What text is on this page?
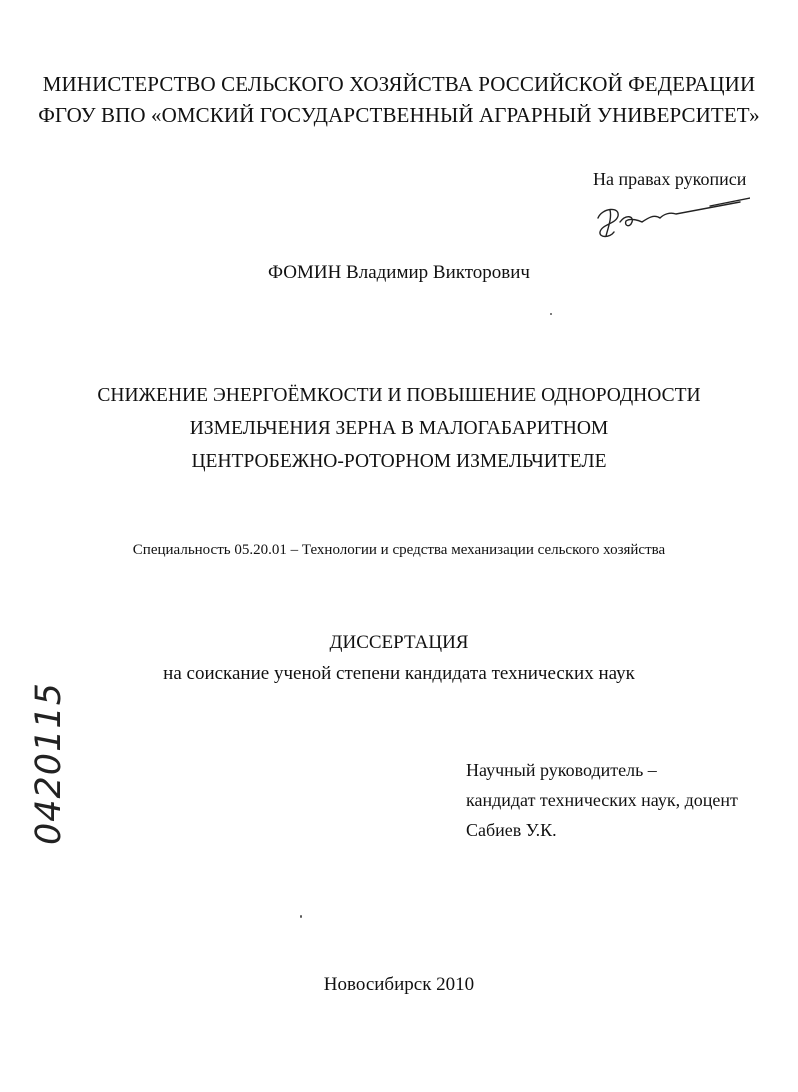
МИНИСТЕРСТВО СЕЛЬСКОГО ХОЗЯЙСТВА РОССИЙСКОЙ ФЕДЕРАЦИИ
ФГОУ ВПО «ОМСКИЙ ГОСУДАРСТВЕННЫЙ АГРАРНЫЙ УНИВЕРСИТЕТ»
На правах рукописи
ФОМИН Владимир Викторович
СНИЖЕНИЕ ЭНЕРГОЁМКОСТИ И ПОВЫШЕНИЕ ОДНОРОДНОСТИ
ИЗМЕЛЬЧЕНИЯ ЗЕРНА В МАЛОГАБАРИТНОМ
ЦЕНТРОБЕЖНО-РОТОРНОМ ИЗМЕЛЬЧИТЕЛЕ
Специальность 05.20.01 – Технологии и средства механизации сельского хозяйства
ДИССЕРТАЦИЯ
на соискание ученой степени кандидата технических наук
Научный руководитель –
кандидат технических наук, доцент
Сабиев У.К.
04201150090
Новосибирск 2010
